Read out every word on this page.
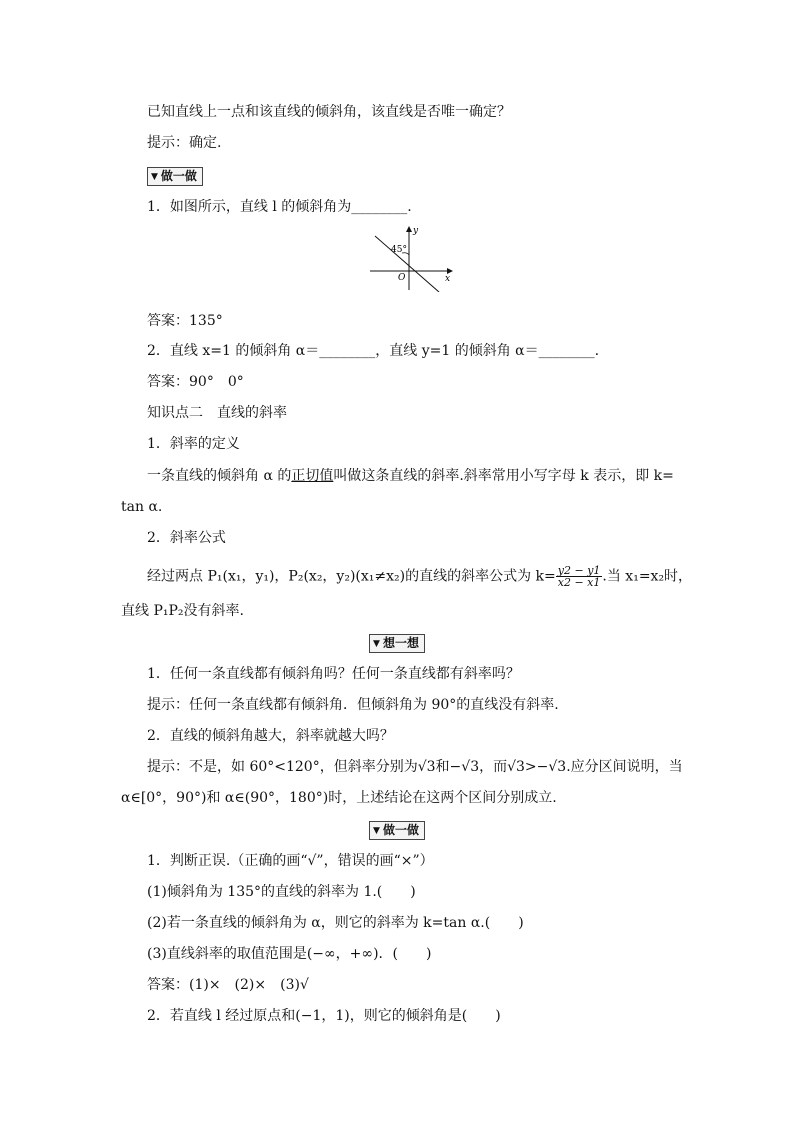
已知直线上一点和该直线的倾斜角，该直线是否唯一确定？
提示：确定.
▼ 做一做
1．如图所示，直线 l 的倾斜角为________.
45°
O	x
y
答案：135°
2．直线 x=1 的倾斜角 α＝________，直线 y=1 的倾斜角 α＝________.
答案：90°　0°
知识点二　直线的斜率
1．斜率的定义
一条直线的倾斜角 α 的正切值叫做这条直线的斜率.斜率常用小写字母 k 表示，即 k=
tan α.
2．斜率公式
经过两点 P₁(x₁，y₁)，P₂(x₂，y₂)(x₁≠x₂)的直线的斜率公式为 $k= \frac{y2 - y1}{x2 - x1}$ .当 x₁=x₂时，
直线 P₁P₂没有斜率.
▼ 想一想
1．任何一条直线都有倾斜角吗？任何一条直线都有斜率吗？
提示：任何一条直线都有倾斜角．但倾斜角为 90°的直线没有斜率.
2．直线的倾斜角越大，斜率就越大吗？
提示：不是，如 60°<120°，但斜率分别为√3和−√3，而√3>−√3.应分区间说明，当
α∈[0°，90°)和 α∈(90°，180°)时，上述结论在这两个区间分别成立.
▼ 做一做
1．判断正误.（正确的画“√”，错误的画“×”）
(1)倾斜角为 135°的直线的斜率为 1.(　　)
(2)若一条直线的倾斜角为 α，则它的斜率为 k=tan α.(　　)
(3)直线斜率的取值范围是(−∞，+∞)．(　　)
答案：(1)×　(2)×　(3)√
2．若直线 l 经过原点和(−1，1)，则它的倾斜角是(　　)
